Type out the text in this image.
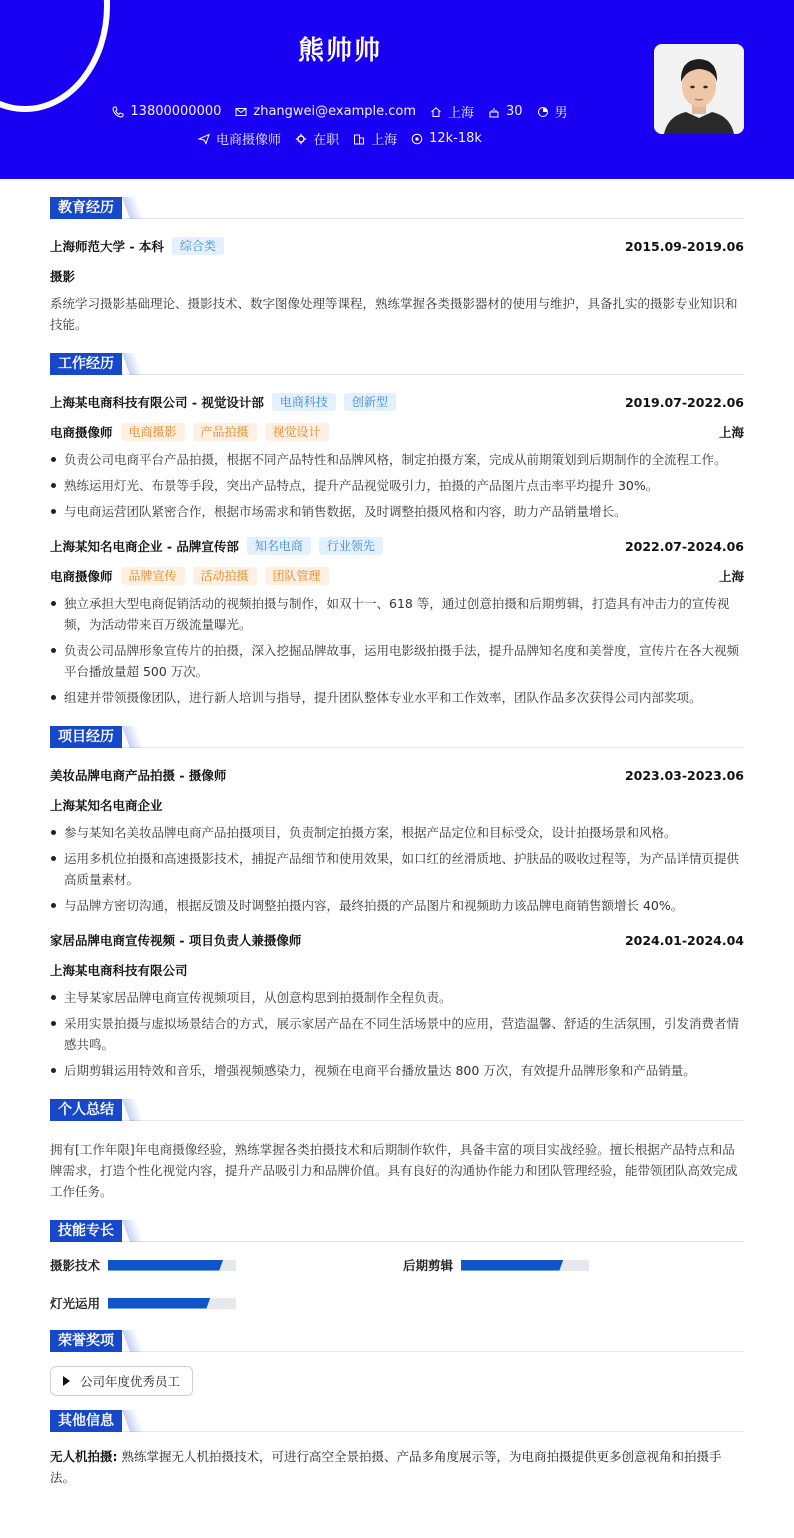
熊帅帅
13800000000 zhangwei@example.com 上海 30 男
电商摄像师 在职 上海 12k-18k
教育经历
上海师范大学 - 本科	综合类	2015.09-2019.06
摄影
系统学习摄影基础理论、摄影技术、数字图像处理等课程，熟练掌握各类摄影器材的使用与维护，具备扎实的摄影专业知识和技能。
工作经历
上海某电商科技有限公司 - 视觉设计部	电商科技	创新型	2019.07-2022.06
电商摄像师	电商摄影	产品拍摄	视觉设计	上海
负责公司电商平台产品拍摄，根据不同产品特性和品牌风格，制定拍摄方案，完成从前期策划到后期制作的全流程工作。
熟练运用灯光、布景等手段，突出产品特点，提升产品视觉吸引力，拍摄的产品图片点击率平均提升 30%。
与电商运营团队紧密合作，根据市场需求和销售数据，及时调整拍摄风格和内容，助力产品销量增长。
上海某知名电商企业 - 品牌宣传部	知名电商	行业领先	2022.07-2024.06
电商摄像师	品牌宣传	活动拍摄	团队管理	上海
独立承担大型电商促销活动的视频拍摄与制作，如双十一、618 等，通过创意拍摄和后期剪辑，打造具有冲击力的宣传视频，为活动带来百万级流量曝光。
负责公司品牌形象宣传片的拍摄，深入挖掘品牌故事，运用电影级拍摄手法，提升品牌知名度和美誉度，宣传片在各大视频平台播放量超 500 万次。
组建并带领摄像团队，进行新人培训与指导，提升团队整体专业水平和工作效率，团队作品多次获得公司内部奖项。
项目经历
美妆品牌电商产品拍摄 - 摄像师	2023.03-2023.06
上海某知名电商企业
参与某知名美妆品牌电商产品拍摄项目，负责制定拍摄方案，根据产品定位和目标受众，设计拍摄场景和风格。
运用多机位拍摄和高速摄影技术，捕捉产品细节和使用效果，如口红的丝滑质地、护肤品的吸收过程等，为产品详情页提供高质量素材。
与品牌方密切沟通，根据反馈及时调整拍摄内容，最终拍摄的产品图片和视频助力该品牌电商销售额增长 40%。
家居品牌电商宣传视频 - 项目负责人兼摄像师	2024.01-2024.04
上海某电商科技有限公司
主导某家居品牌电商宣传视频项目，从创意构思到拍摄制作全程负责。
采用实景拍摄与虚拟场景结合的方式，展示家居产品在不同生活场景中的应用，营造温馨、舒适的生活氛围，引发消费者情感共鸣。
后期剪辑运用特效和音乐，增强视频感染力，视频在电商平台播放量达 800 万次，有效提升品牌形象和产品销量。
个人总结
拥有[工作年限]年电商摄像经验，熟练掌握各类拍摄技术和后期制作软件，具备丰富的项目实战经验。擅长根据产品特点和品牌需求，打造个性化视觉内容，提升产品吸引力和品牌价值。具有良好的沟通协作能力和团队管理经验，能带领团队高效完成工作任务。
技能专长
摄影技术	后期剪辑
灯光运用
荣誉奖项
公司年度优秀员工
其他信息
无人机拍摄: 熟练掌握无人机拍摄技术，可进行高空全景拍摄、产品多角度展示等，为电商拍摄提供更多创意视角和拍摄手法。
